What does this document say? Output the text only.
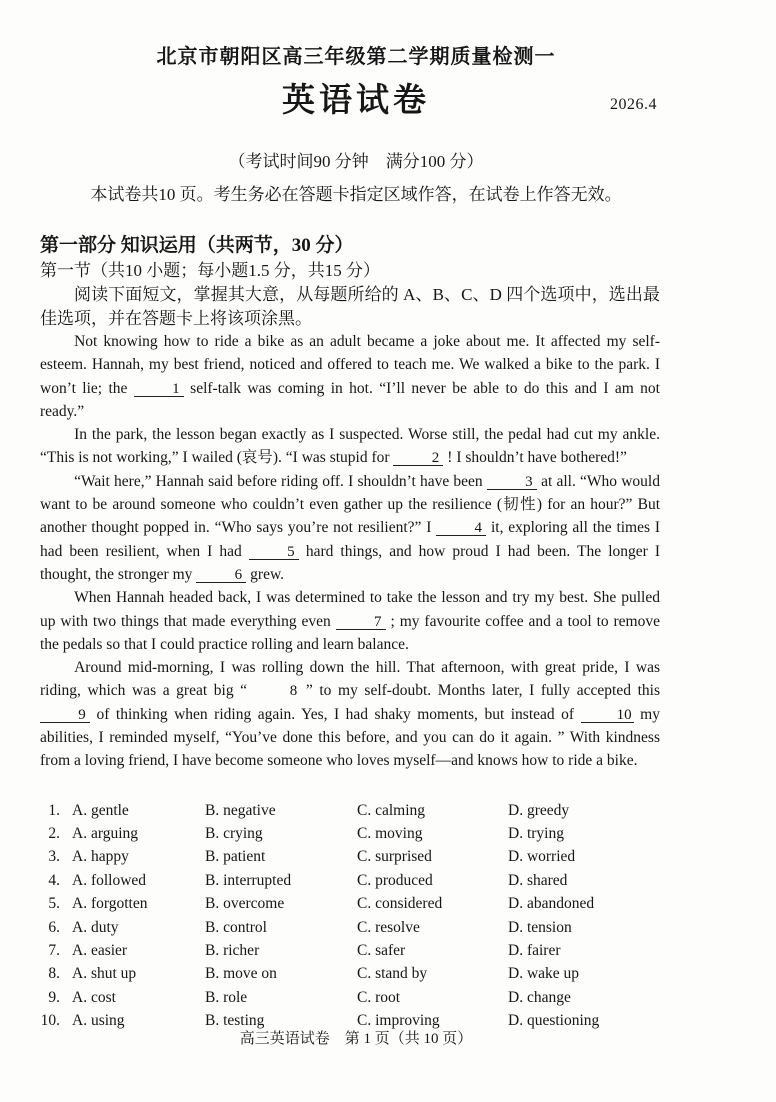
北京市朝阳区高三年级第二学期质量检测一
英语试卷	2026.4
（考试时间90 分钟　满分100 分）
本试卷共10 页。考生务必在答题卡指定区域作答，在试卷上作答无效。
第一部分 知识运用（共两节，30 分）
第一节（共10 小题；每小题1.5 分，共15 分）

阅读下面短文，掌握其大意，从每题所给的 A、B、C、D 四个选项中，选出最佳选项，并在答题卡上将该项涂黑。

Not knowing how to ride a bike as an adult became a joke about me. It affected my self-esteem. Hannah, my best friend, noticed and offered to teach me. We walked a bike to the park. I won’t lie; the	1 self-talk was coming in hot. “I’ll never be able to do this and I am not ready.”

In the park, the lesson began exactly as I suspected. Worse still, the pedal had cut my ankle. “This is not working,” I wailed (哀号). “I was stupid for	2 ! I shouldn’t have bothered!”

“Wait here,” Hannah said before riding off. I shouldn’t have been	3 at all. “Who would want to be around someone who couldn’t even gather up the resilience (韧性) for an hour?” But another thought popped in. “Who says you’re not resilient?” I	4 it, exploring all the times I had been resilient, when I had	5 hard things, and how proud I had been. The longer I thought, the stronger my	6 grew.

When Hannah headed back, I was determined to take the lesson and try my best. She pulled up with two things that made everything even	7 ; my favourite coffee and a tool to remove the pedals so that I could practice rolling and learn balance.

Around mid-morning, I was rolling down the hill. That afternoon, with great pride, I was riding, which was a great big “ 8 ” to my self-doubt. Months later, I fully accepted this 9 of thinking when riding again. Yes, I had shaky moments, but instead of 10 my abilities, I reminded myself, “You’ve done this before, and you can do it again. ” With kindness from a loving friend, I have become someone who loves myself—and knows how to ride a bike.

1. A. gentle	B. negative	C. calming	D. greedy
2. A. arguing	B. crying	C. moving	D. trying
3. A. happy	B. patient	C. surprised	D. worried
4. A. followed	B. interrupted	C. produced	D. shared
5. A. forgotten	B. overcome	C. considered	D. abandoned
6. A. duty	B. control	C. resolve	D. tension
7. A. easier	B. richer	C. safer	D. fairer
8. A. shut up	B. move on	C. stand by	D. wake up
9. A. cost	B. role	C. root	D. change
10. A. using	B. testing	C. improving	D. questioning
高三英语试卷　第 1 页（共 10 页）
